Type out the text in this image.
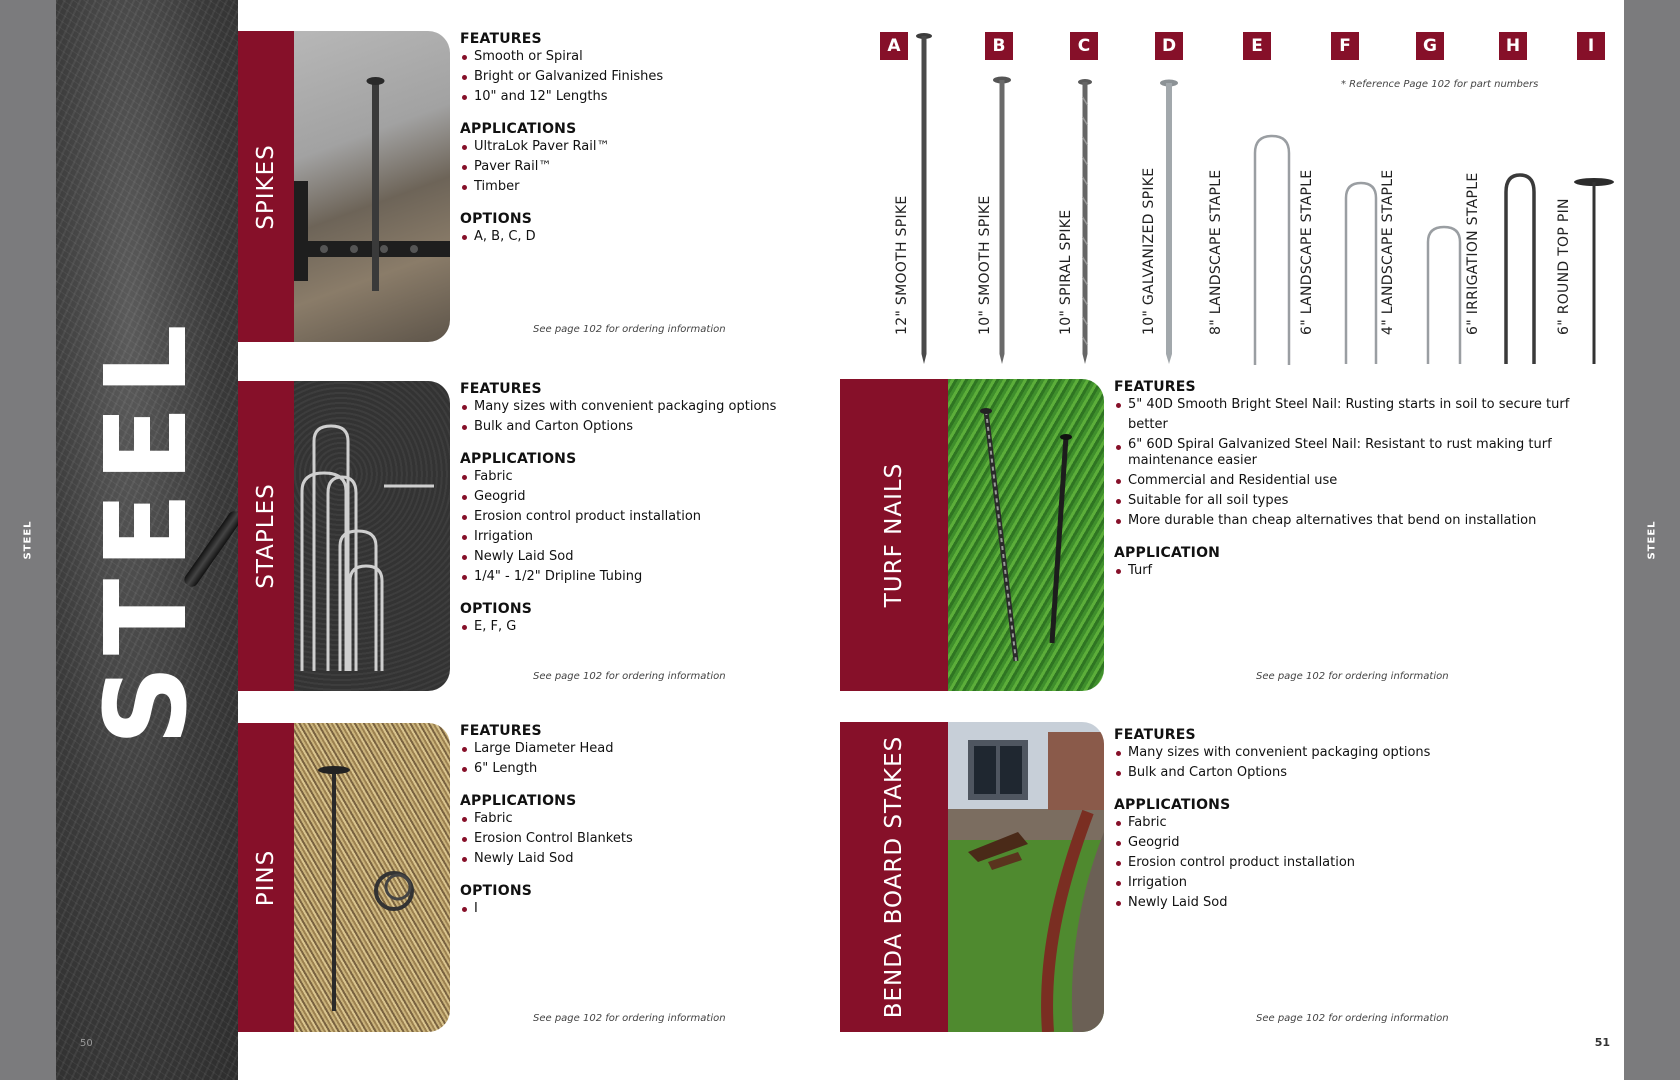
STEEL STEEL
50
STEEL
SPIKES
FEATURES
Smooth or Spiral
Bright or Galvanized Finishes
10" and 12" Lengths
APPLICATIONS
UltraLok Paver Rail™
Paver Rail™
Timber
OPTIONS
A, B, C, D
See page 102 for ordering information
STAPLES
FEATURES
Many sizes with convenient packaging options
Bulk and Carton Options
APPLICATIONS
Fabric
Geogrid
Erosion control product installation
Irrigation
Newly Laid Sod
1/4" - 1/2" Dripline Tubing
OPTIONS
E, F, G
See page 102 for ordering information
PINS
FEATURES
Large Diameter Head
6" Length
APPLICATIONS
Fabric
Erosion Control Blankets
Newly Laid Sod
OPTIONS
I
See page 102 for ordering information
TURF NAILS
FEATURES
5" 40D Smooth Bright Steel Nail: Rusting starts in soil to secure turf better
6" 60D Spiral Galvanized Steel Nail: Resistant to rust making turf maintenance easier
Commercial and Residential use
Suitable for all soil types
More durable than cheap alternatives that bend on installation
APPLICATION
Turf
See page 102 for ordering information
BENDA BOARD STAKES
FEATURES
Many sizes with convenient packaging options
Bulk and Carton Options
APPLICATIONS
Fabric
Geogrid
Erosion control product installation
Irrigation
Newly Laid Sod
See page 102 for ordering information
* Reference Page 102 for part numbers
A	B	C	D	E	F	G	H	I
12" SMOOTH SPIKE	10" SMOOTH SPIKE	10" SPIRAL SPIKE	10" GALVANIZED SPIKE	8" LANDSCAPE STAPLE	6" LANDSCAPE STAPLE	4" LANDSCAPE STAPLE	6" IRRIGATION STAPLE	6" ROUND TOP PIN
51
